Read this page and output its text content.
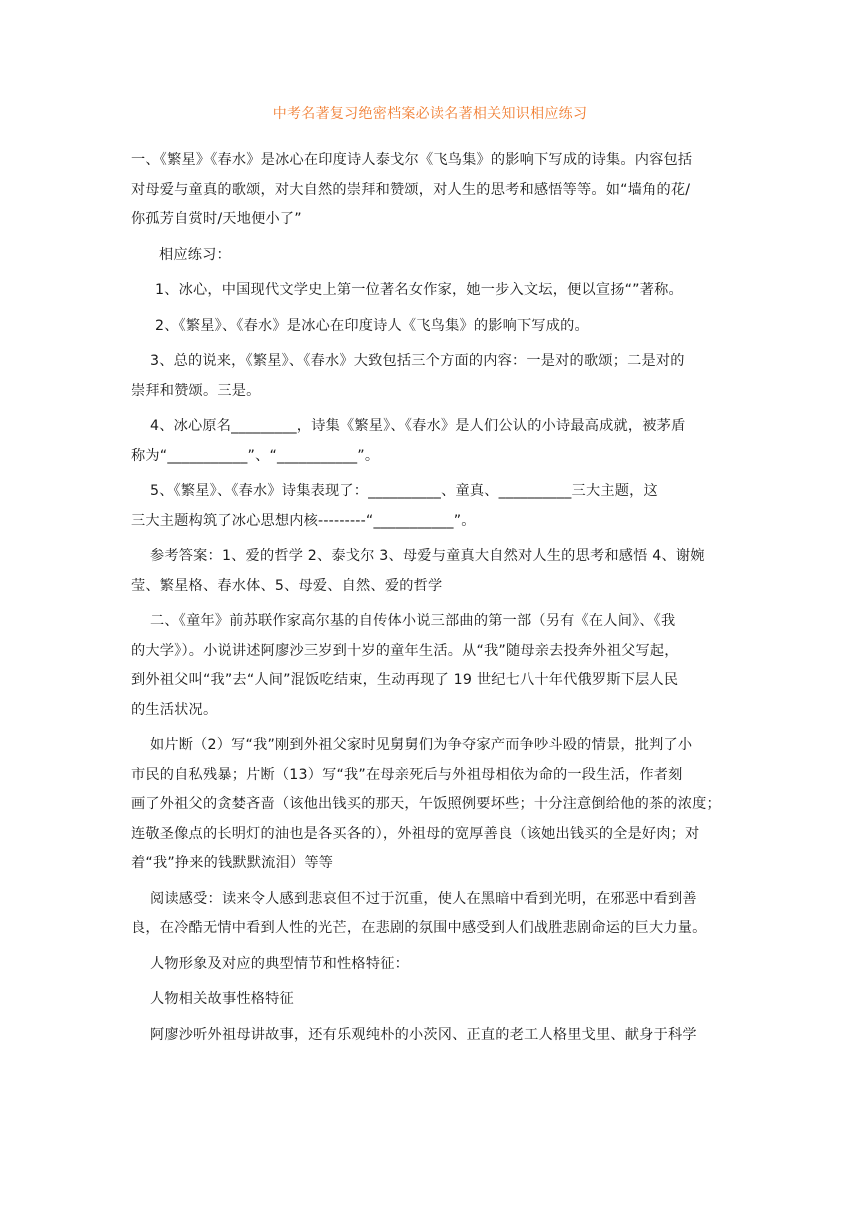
中考名著复习绝密档案必读名著相关知识相应练习

一、《繁星》《春水》是冰心在印度诗人泰戈尔《飞鸟集》的影响下写成的诗集。内容包括

对母爱与童真的歌颂，对大自然的崇拜和赞颂，对人生的思考和感悟等等。如“墙角的花/

你孤芳自赏时/天地便小了”

相应练习：

1、冰心，中国现代文学史上第一位著名女作家，她一步入文坛，便以宣扬“”著称。

2、《繁星》、《春水》是冰心在印度诗人《飞鸟集》的影响下写成的。

3、总的说来，《繁星》、《春水》大致包括三个方面的内容：一是对的歌颂；二是对的

崇拜和赞颂。三是。

4、冰心原名_________，诗集《繁星》、《春水》是人们公认的小诗最高成就，被茅盾

称为“___________”、“___________”。

5、《繁星》、《春水》诗集表现了：__________、童真、__________三大主题，这

三大主题构筑了冰心思想内核---------“___________”。

参考答案：1、爱的哲学 2、泰戈尔 3、母爱与童真大自然对人生的思考和感悟 4、谢婉

莹、繁星格、春水体、5、母爱、自然、爱的哲学

二、《童年》前苏联作家高尔基的自传体小说三部曲的第一部（另有《在人间》、《我

的大学》）。小说讲述阿廖沙三岁到十岁的童年生活。从“我”随母亲去投奔外祖父写起，

到外祖父叫“我”去“人间”混饭吃结束，生动再现了 19 世纪七八十年代俄罗斯下层人民

的生活状况。

如片断（2）写“我”刚到外祖父家时见舅舅们为争夺家产而争吵斗殴的情景，批判了小

市民的自私残暴；片断（13）写“我”在母亲死后与外祖母相依为命的一段生活，作者刻

画了外祖父的贪婪吝啬（该他出钱买的那天，午饭照例要坏些；十分注意倒给他的茶的浓度；

连敬圣像点的长明灯的油也是各买各的），外祖母的宽厚善良（该她出钱买的全是好肉；对

着“我”挣来的钱默默流泪）等等

阅读感受：读来令人感到悲哀但不过于沉重，使人在黑暗中看到光明，在邪恶中看到善

良，在冷酷无情中看到人性的光芒，在悲剧的氛围中感受到人们战胜悲剧命运的巨大力量。

人物形象及对应的典型情节和性格特征：

人物相关故事性格特征

阿廖沙听外祖母讲故事，还有乐观纯朴的小茨冈、正直的老工人格里戈里、献身于科学
